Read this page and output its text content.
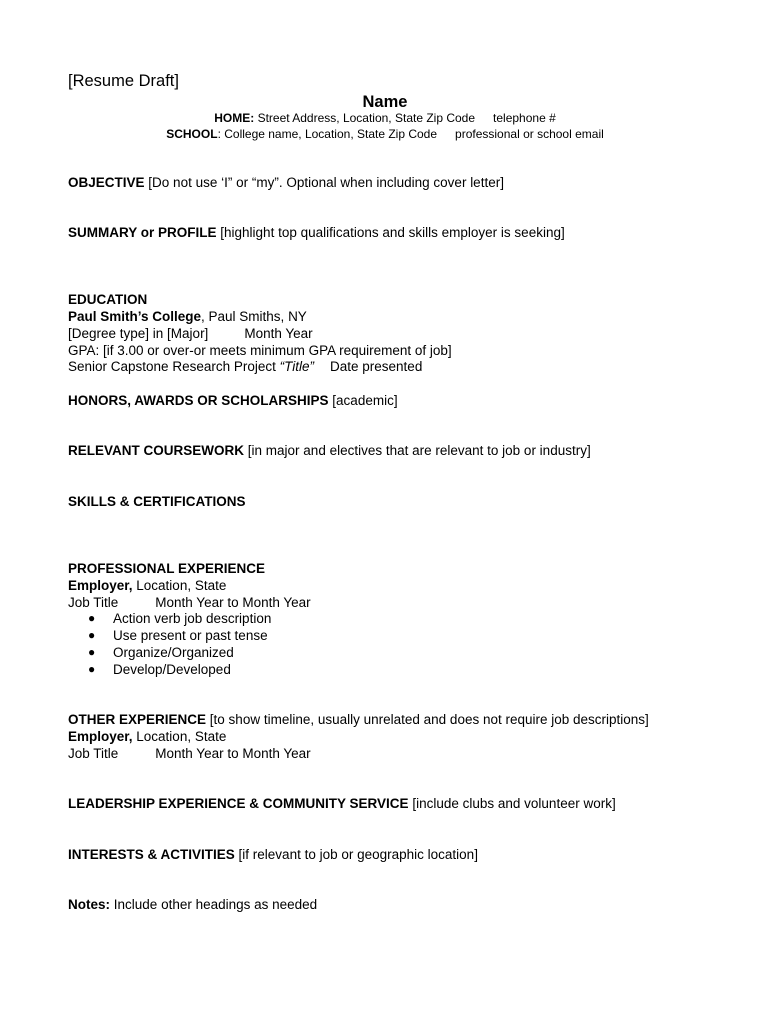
[Resume Draft]
Name
HOME: Street Address, Location, State Zip Code telephone #
SCHOOL: College name, Location, State Zip Code professional or school email
OBJECTIVE [Do not use ‘I” or “my”. Optional when including cover letter]
SUMMARY or PROFILE [highlight top qualifications and skills employer is seeking]
EDUCATION
Paul Smith’s College, Paul Smiths, NY
[Degree type] in [Major]	Month Year
GPA: [if 3.00 or over-or meets minimum GPA requirement of job]
Senior Capstone Research Project “Title” Date presented
HONORS, AWARDS OR SCHOLARSHIPS [academic]
RELEVANT COURSEWORK [in major and electives that are relevant to job or industry]
SKILLS & CERTIFICATIONS
PROFESSIONAL EXPERIENCE
Employer, Location, State
Job Title	Month Year to Month Year
● Action verb job description
● Use present or past tense
● Organize/Organized
● Develop/Developed
OTHER EXPERIENCE [to show timeline, usually unrelated and does not require job descriptions]
Employer, Location, State
Job Title	Month Year to Month Year
LEADERSHIP EXPERIENCE & COMMUNITY SERVICE [include clubs and volunteer work]
INTERESTS & ACTIVITIES [if relevant to job or geographic location]
Notes: Include other headings as needed
